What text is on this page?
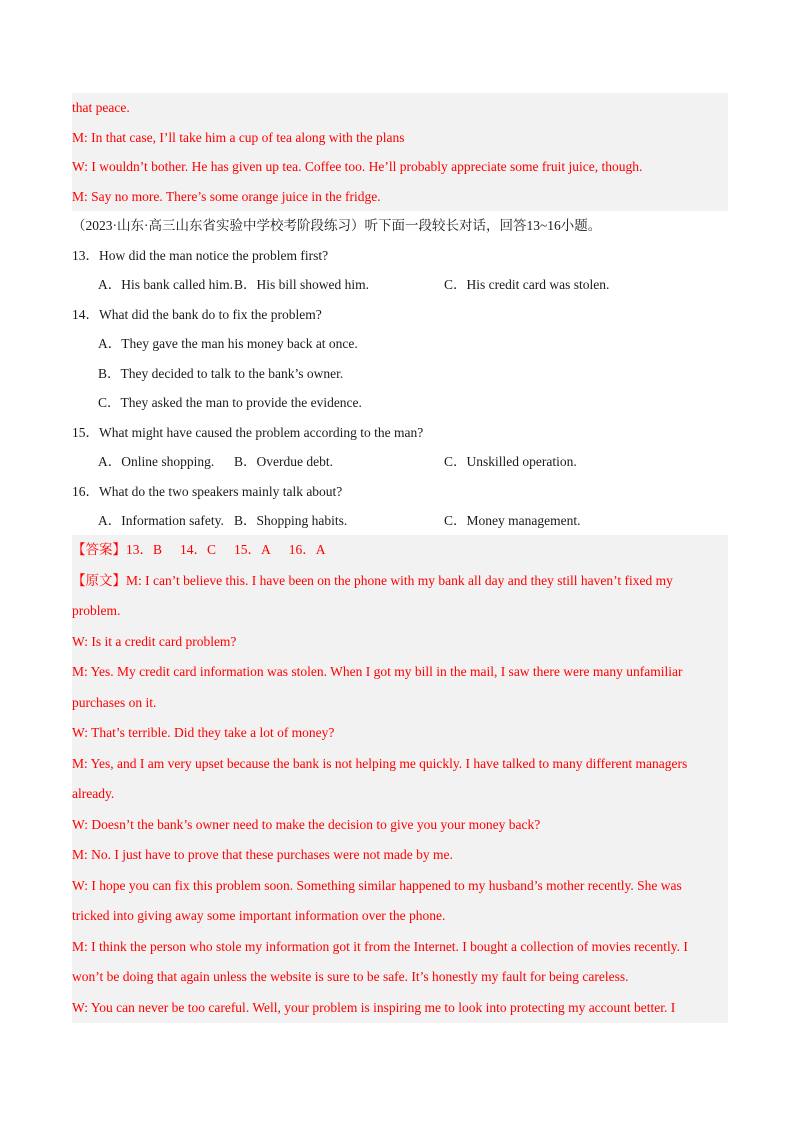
that peace.
M: In that case, I’ll take him a cup of tea along with the plans
W: I wouldn’t bother. He has given up tea. Coffee too. He’ll probably appreciate some fruit juice, though.
M: Say no more. There’s some orange juice in the fridge.
（2023·山东·高三山东省实验中学校考阶段练习）听下面一段较长对话，回答13~16小题。
13．How did the man notice the problem first?
A．His bank called him. B．His bill showed him.	C．His credit card was stolen.
14．What did the bank do to fix the problem?
A．They gave the man his money back at once.
B．They decided to talk to the bank’s owner.
C．They asked the man to provide the evidence.
15．What might have caused the problem according to the man?
A．Online shopping.	B．Overdue debt.	C．Unskilled operation.
16．What do the two speakers mainly talk about?
A．Information safety. B．Shopping habits.	C．Money management.
【答案】13．B 14．C 15．A 16．A
【原文】M: I can’t believe this. I have been on the phone with my bank all day and they still haven’t fixed my
problem.
W: Is it a credit card problem?
M: Yes. My credit card information was stolen. When I got my bill in the mail, I saw there were many unfamiliar
purchases on it.
W: That’s terrible. Did they take a lot of money?
M: Yes, and I am very upset because the bank is not helping me quickly. I have talked to many different managers
already.
W: Doesn’t the bank’s owner need to make the decision to give you your money back?
M: No. I just have to prove that these purchases were not made by me.
W: I hope you can fix this problem soon. Something similar happened to my husband’s mother recently. She was
tricked into giving away some important information over the phone.
M: I think the person who stole my information got it from the Internet. I bought a collection of movies recently. I
won’t be doing that again unless the website is sure to be safe. It’s honestly my fault for being careless.
W: You can never be too careful. Well, your problem is inspiring me to look into protecting my account better. I
